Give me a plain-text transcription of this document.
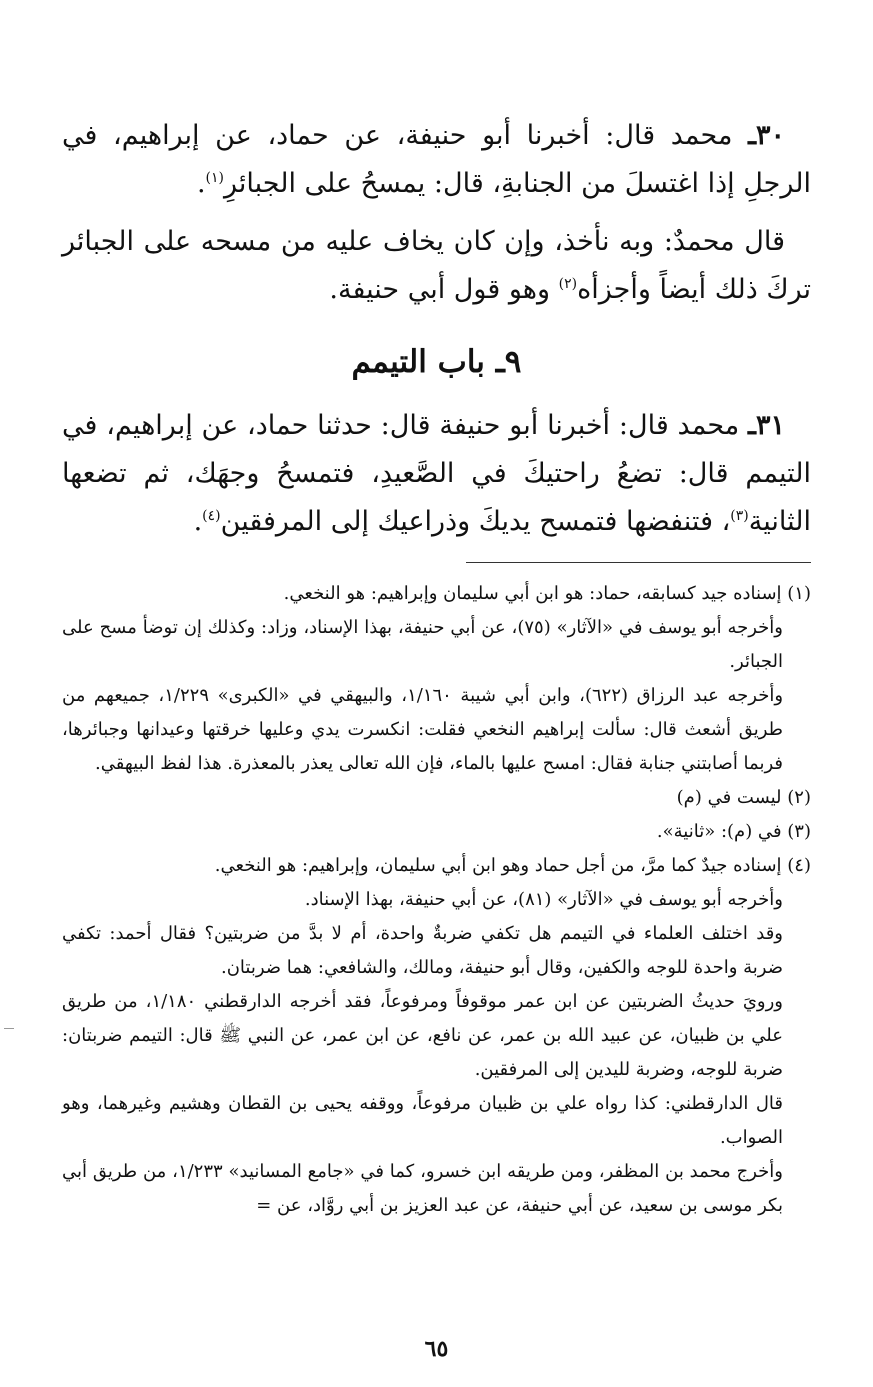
٣٠ـ محمد قال: أخبرنا أبو حنيفة، عن حماد، عن إبراهيم، في الرجلِ إذا اغتسلَ من الجنابةِ، قال: يمسحُ على الجبائرِ$^{(١)}$.

قال محمدٌ: وبه نأخذ، وإن كان يخاف عليه من مسحه على الجبائر تركَ ذلك أيضاً وأجزأه$^{(٢)}$ وهو قول أبي حنيفة.

٩ـ باب التيمم

٣١ـ محمد قال: أخبرنا أبو حنيفة قال: حدثنا حماد، عن إبراهيم، في التيمم قال: تضعُ راحتيكَ في الصَّعيدِ، فتمسحُ وجهَك، ثم تضعها الثانية$^{(٣)}$، فتنفضها فتمسح يديكَ وذراعيك إلى المرفقين$^{(٤)}$.

(١) إسناده جيد كسابقه، حماد: هو ابن أبي سليمان وإبراهيم: هو النخعي.

وأخرجه أبو يوسف في «الآثار» (٧٥)، عن أبي حنيفة، بهذا الإسناد، وزاد: وكذلك إن توضأ مسح على الجبائر.

وأخرجه عبد الرزاق (٦٢٢)، وابن أبي شيبة ١/١٦٠، والبيهقي في «الكبرى» ١/٢٢٩، جميعهم من طريق أشعث قال: سألت إبراهيم النخعي فقلت: انكسرت يدي وعليها خرقتها وعيدانها وجبائرها، فربما أصابتني جنابة فقال: امسح عليها بالماء، فإن الله تعالى يعذر بالمعذرة. هذا لفظ البيهقي.

(٢) ليست في (م)

(٣) في (م): «ثانية».

(٤) إسناده جيدٌ كما مرَّ، من أجل حماد وهو ابن أبي سليمان، وإبراهيم: هو النخعي.

وأخرجه أبو يوسف في «الآثار» (٨١)، عن أبي حنيفة، بهذا الإسناد.

وقد اختلف العلماء في التيمم هل تكفي ضربةٌ واحدة، أم لا بدَّ من ضربتين؟ فقال أحمد: تكفي ضربة واحدة للوجه والكفين، وقال أبو حنيفة، ومالك، والشافعي: هما ضربتان.

ورويَ حديثُ الضربتين عن ابن عمر موقوفاً ومرفوعاً، فقد أخرجه الدارقطني ١/١٨٠، من طريق علي بن ظبيان، عن عبيد الله بن عمر، عن نافع، عن ابن عمر، عن النبي ﷺ قال: التيمم ضربتان: ضربة للوجه، وضربة لليدين إلى المرفقين.

قال الدارقطني: كذا رواه علي بن ظبيان مرفوعاً، ووقفه يحيى بن القطان وهشيم وغيرهما، وهو الصواب.

وأخرج محمد بن المظفر، ومن طريقه ابن خسرو، كما في «جامع المسانيد» ١/٢٣٣، من طريق أبي بكر موسى بن سعيد، عن أبي حنيفة، عن عبد العزيز بن أبي روَّاد، عن =

٦٥
